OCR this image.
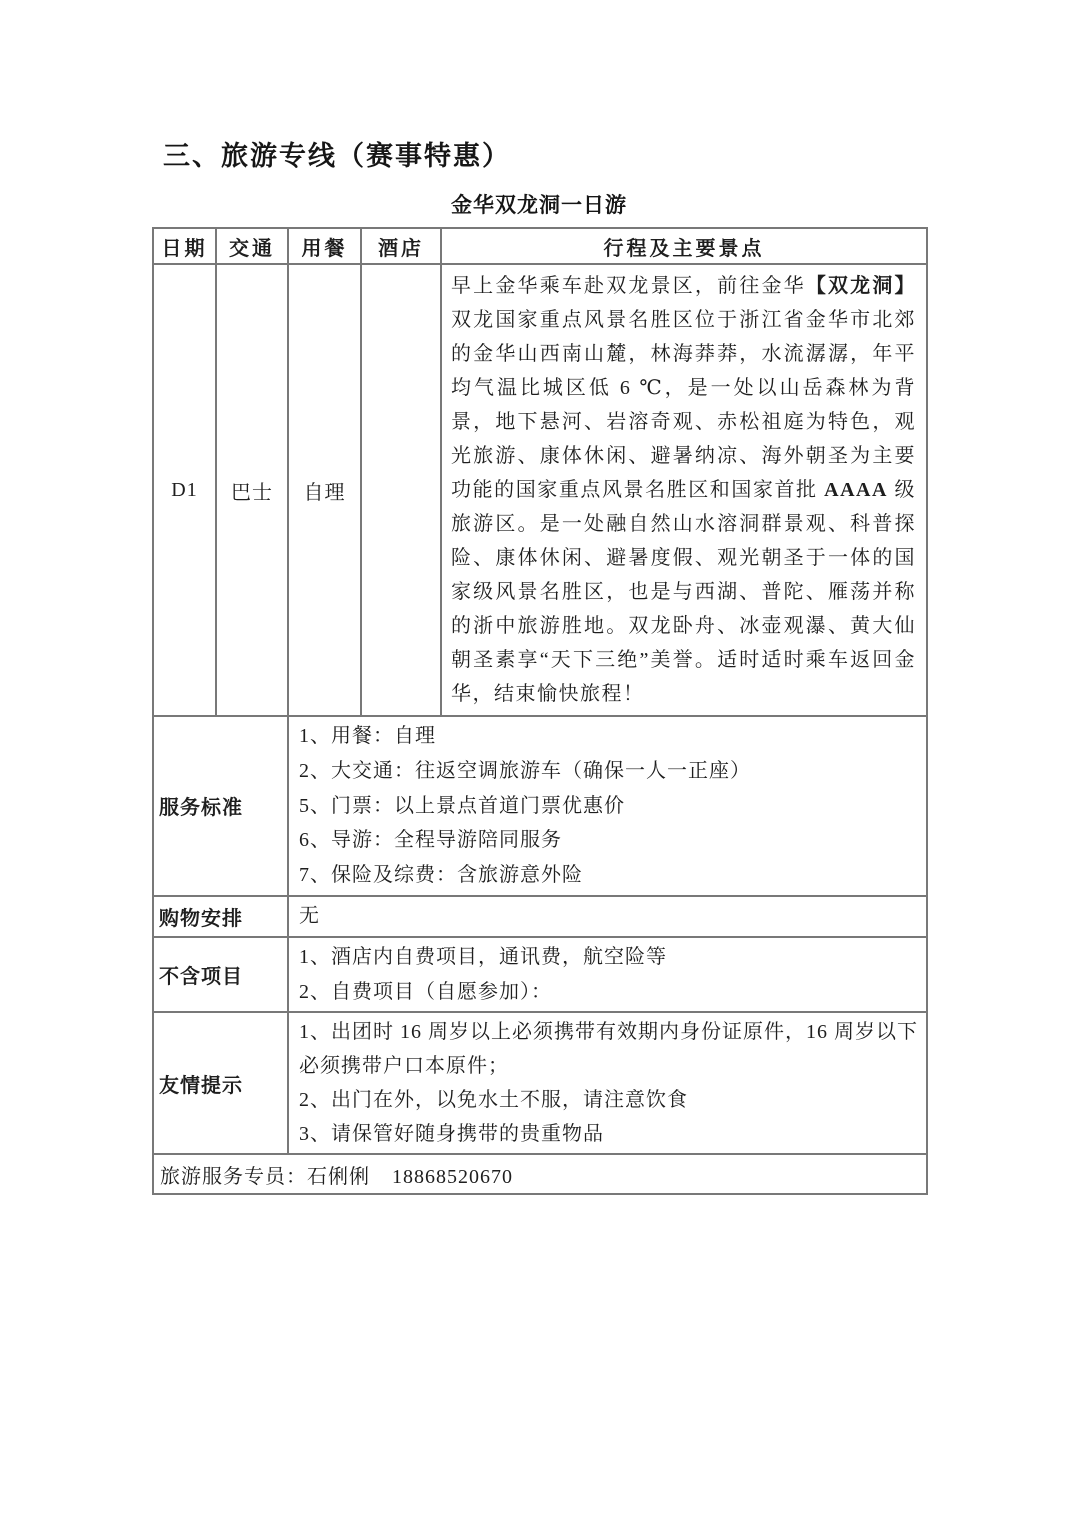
三、旅游专线（赛事特惠）
金华双龙洞一日游
日期	交通	用餐	酒店	行程及主要景点
D1	巴士	自理		早上金华乘车赴双龙景区，前往金华【双龙洞】双龙国家重点风景名胜区位于浙江省金华市北郊的金华山西南山麓，林海莽莽，水流潺潺，年平均气温比城区低 6 ℃，是一处以山岳森林为背景，地下悬河、岩溶奇观、赤松祖庭为特色，观光旅游、康体休闲、避暑纳凉、海外朝圣为主要功能的国家重点风景名胜区和国家首批 AAAA 级旅游区。是一处融自然山水溶洞群景观、科普探险、康体休闲、避暑度假、观光朝圣于一体的国家级风景名胜区，也是与西湖、普陀、雁荡并称的浙中旅游胜地。双龙卧舟、冰壶观瀑、黄大仙朝圣素享“天下三绝”美誉。适时适时乘车返回金华，结束愉快旅程！
服务标准		1、用餐：自理
2、大交通：往返空调旅游车（确保一人一正座）
5、门票：以上景点首道门票优惠价
6、导游：全程导游陪同服务
7、保险及综费：含旅游意外险		

购物安排		无		
不含项目		1、酒店内自费项目，通讯费，航空险等
2、自费项目（自愿参加）：		

友情提示		1、出团时 16 周岁以上必须携带有效期内身份证原件，16 周岁以下必须携带户口本原件；
2、出门在外，以免水土不服，请注意饮食
3、请保管好随身携带的贵重物品		

旅游服务专员：石俐俐 18868520670				
